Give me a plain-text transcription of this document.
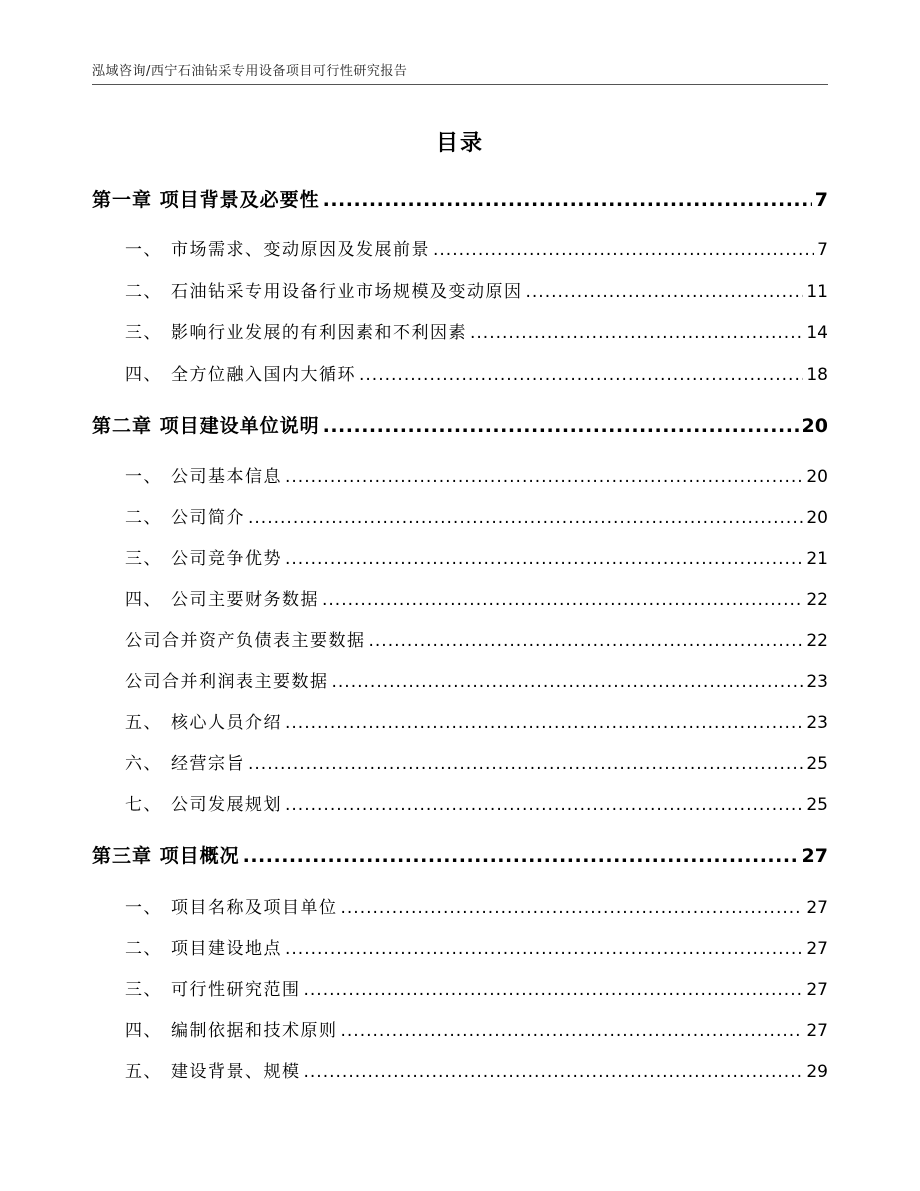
泓域咨询/西宁石油钻采专用设备项目可行性研究报告
目录
第一章 项目背景及必要性 .....	7
一、 市场需求、变动原因及发展前景 .....	7
二、 石油钻采专用设备行业市场规模及变动原因 .....	11
三、 影响行业发展的有利因素和不利因素 .....	14
四、 全方位融入国内大循环 .....	18
第二章 项目建设单位说明 .....	20
一、 公司基本信息 .....	20
二、 公司简介 .....	20
三、 公司竞争优势 .....	21
四、 公司主要财务数据 .....	22
公司合并资产负债表主要数据 .....	22
公司合并利润表主要数据 .....	23
五、 核心人员介绍 .....	23
六、 经营宗旨 .....	25
七、 公司发展规划 .....	25
第三章 项目概况 .....	27
一、 项目名称及项目单位 .....	27
二、 项目建设地点 .....	27
三、 可行性研究范围 .....	27
四、 编制依据和技术原则 .....	27
五、 建设背景、规模 .....	29
